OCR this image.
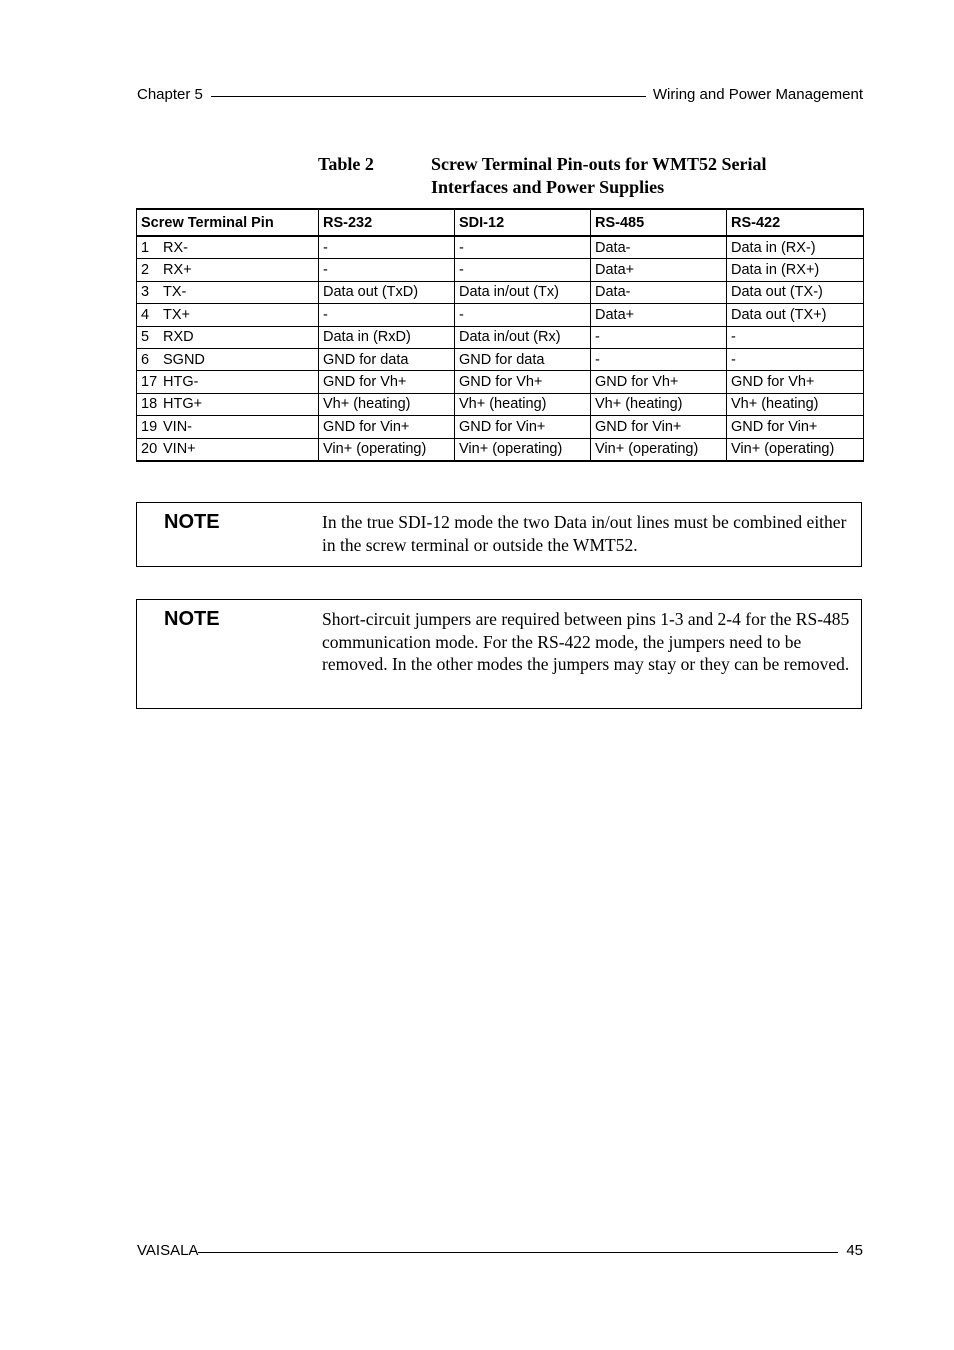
Chapter 5	Wiring and Power Management
Table 2	Screw Terminal Pin-outs for WMT52 Serial Interfaces and Power Supplies
Screw Terminal Pin	RS-232	SDI-12	RS-485	RS-422
1 RX-	-	-	Data-	Data in (RX-)
2 RX+	-	-	Data+	Data in (RX+)
3 TX-	Data out (TxD)	Data in/out (Tx)	Data-	Data out (TX-)
4 TX+	-	-	Data+	Data out (TX+)
5 RXD	Data in (RxD)	Data in/out (Rx)	-	-
6 SGND	GND for data	GND for data	-	-
17 HTG-	GND for Vh+	GND for Vh+	GND for Vh+	GND for Vh+
18 HTG+	Vh+ (heating)	Vh+ (heating)	Vh+ (heating)	Vh+ (heating)
19 VIN-	GND for Vin+	GND for Vin+	GND for Vin+	GND for Vin+
20 VIN+	Vin+ (operating)	Vin+ (operating)	Vin+ (operating)	Vin+ (operating)
NOTE	In the true SDI-12 mode the two Data in/out lines must be combined either in the screw terminal or outside the WMT52.
NOTE	Short-circuit jumpers are required between pins 1-3 and 2-4 for the RS-485 communication mode. For the RS-422 mode, the jumpers need to be removed. In the other modes the jumpers may stay or they can be removed.
VAISALA	45
